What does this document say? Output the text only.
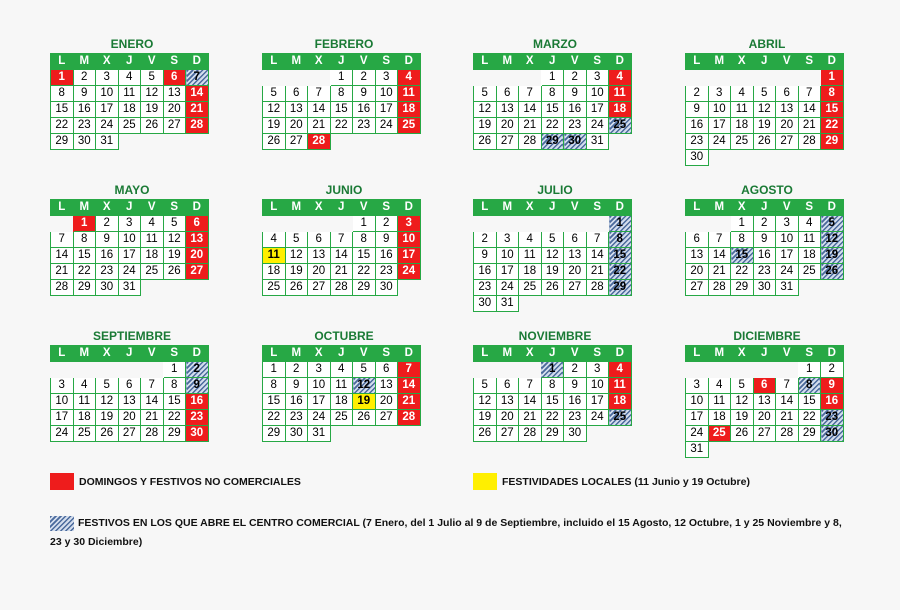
ENERO
L	M	X	J	V	S	D
1	2	3	4	5	6	7
8	9	10	11	12	13	14
15	16	17	18	19	20	21
22	23	24	25	26	27	28
29	30	31				
FEBRERO
L	M	X	J	V	S	D
			1	2	3	4
5	6	7	8	9	10	11
12	13	14	15	16	17	18
19	20	21	22	23	24	25
26	27	28				
MARZO
L	M	X	J	V	S	D
			1	2	3	4
5	6	7	8	9	10	11
12	13	14	15	16	17	18
19	20	21	22	23	24	25
26	27	28	29	30	31	
ABRIL
L	M	X	J	V	S	D
						1
2	3	4	5	6	7	8
9	10	11	12	13	14	15
16	17	18	19	20	21	22
23	24	25	26	27	28	29
30						
MAYO
L	M	X	J	V	S	D
	1	2	3	4	5	6
7	8	9	10	11	12	13
14	15	16	17	18	19	20
21	22	23	24	25	26	27
28	29	30	31			
JUNIO
L	M	X	J	V	S	D
				1	2	3
4	5	6	7	8	9	10
11	12	13	14	15	16	17
18	19	20	21	22	23	24
25	26	27	28	29	30	
JULIO
L	M	X	J	V	S	D
						1
2	3	4	5	6	7	8
9	10	11	12	13	14	15
16	17	18	19	20	21	22
23	24	25	26	27	28	29
30	31					
AGOSTO
L	M	X	J	V	S	D
		1	2	3	4	5
6	7	8	9	10	11	12
13	14	15	16	17	18	19
20	21	22	23	24	25	26
27	28	29	30	31		
SEPTIEMBRE
L	M	X	J	V	S	D
					1	2
3	4	5	6	7	8	9
10	11	12	13	14	15	16
17	18	19	20	21	22	23
24	25	26	27	28	29	30
OCTUBRE
L	M	X	J	V	S	D
1	2	3	4	5	6	7
8	9	10	11	12	13	14
15	16	17	18	19	20	21
22	23	24	25	26	27	28
29	30	31				
NOVIEMBRE
L	M	X	J	V	S	D
			1	2	3	4
5	6	7	8	9	10	11
12	13	14	15	16	17	18
19	20	21	22	23	24	25
26	27	28	29	30		
DICIEMBRE
L	M	X	J	V	S	D
					1	2
3	4	5	6	7	8	9
10	11	12	13	14	15	16
17	18	19	20	21	22	23
24	25	26	27	28	29	30
31						
DOMINGOS Y FESTIVOS NO COMERCIALES	FESTIVIDADES LOCALES (11 Junio y 19 Octubre)
FESTIVOS EN LOS QUE ABRE EL CENTRO COMERCIAL (7 Enero, del 1 Julio al 9 de Septiembre, incluido el 15 Agosto, 12 Octubre, 1 y 25 Noviembre y 8, 23 y 30 Diciembre)
